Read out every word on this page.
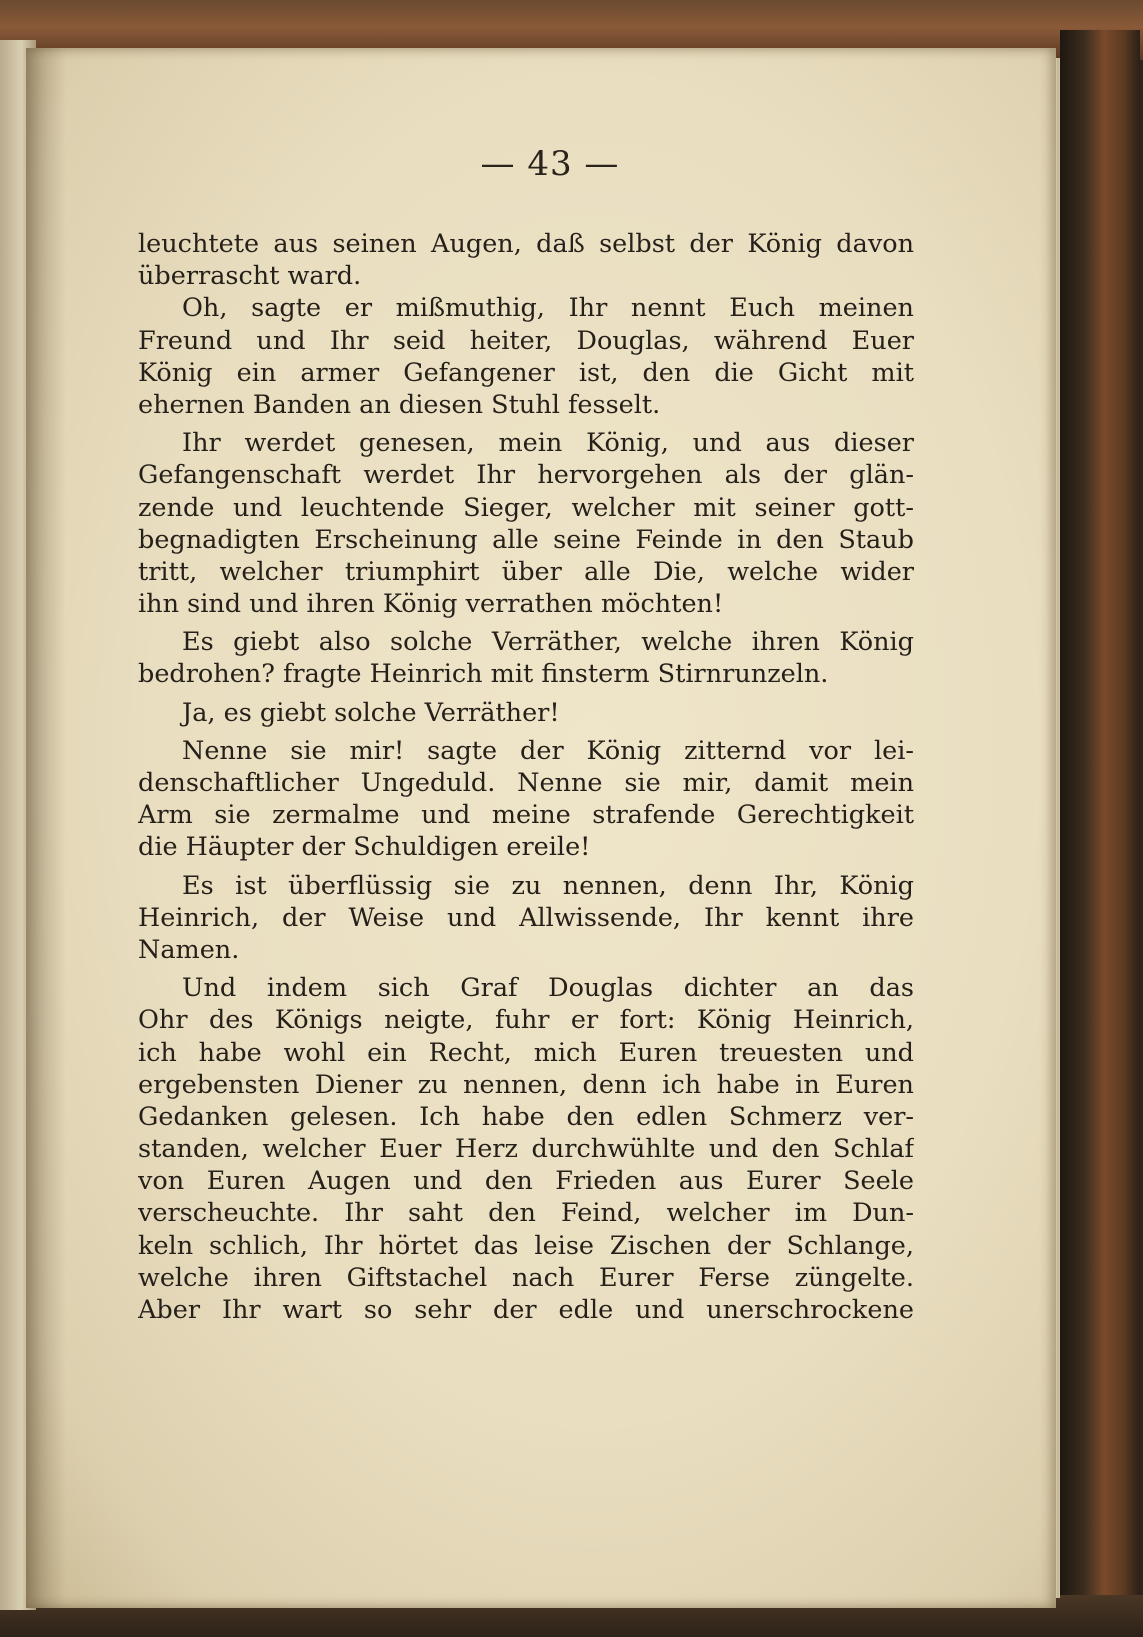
— 43 —
leuchtete aus seinen Augen, daß selbst der König davon
überrascht ward.
Oh, sagte er mißmuthig, Ihr nennt Euch meinen
Freund und Ihr seid heiter, Douglas, während Euer
König ein armer Gefangener ist, den die Gicht mit
ehernen Banden an diesen Stuhl fesselt.
Ihr werdet genesen, mein König, und aus dieser
Gefangenschaft werdet Ihr hervorgehen als der glän-
zende und leuchtende Sieger, welcher mit seiner gott-
begnadigten Erscheinung alle seine Feinde in den Staub
tritt, welcher triumphirt über alle Die, welche wider
ihn sind und ihren König verrathen möchten!
Es giebt also solche Verräther, welche ihren König
bedrohen? fragte Heinrich mit finsterm Stirnrunzeln.
Ja, es giebt solche Verräther!
Nenne sie mir! sagte der König zitternd vor lei-
denschaftlicher Ungeduld. Nenne sie mir, damit mein
Arm sie zermalme und meine strafende Gerechtigkeit
die Häupter der Schuldigen ereile!
Es ist überflüssig sie zu nennen, denn Ihr, König
Heinrich, der Weise und Allwissende, Ihr kennt ihre
Namen.
Und indem sich Graf Douglas dichter an das
Ohr des Königs neigte, fuhr er fort: König Heinrich,
ich habe wohl ein Recht, mich Euren treuesten und
ergebensten Diener zu nennen, denn ich habe in Euren
Gedanken gelesen. Ich habe den edlen Schmerz ver-
standen, welcher Euer Herz durchwühlte und den Schlaf
von Euren Augen und den Frieden aus Eurer Seele
verscheuchte. Ihr saht den Feind, welcher im Dun-
keln schlich, Ihr hörtet das leise Zischen der Schlange,
welche ihren Giftstachel nach Eurer Ferse züngelte.
Aber Ihr wart so sehr der edle und unerschrockene
